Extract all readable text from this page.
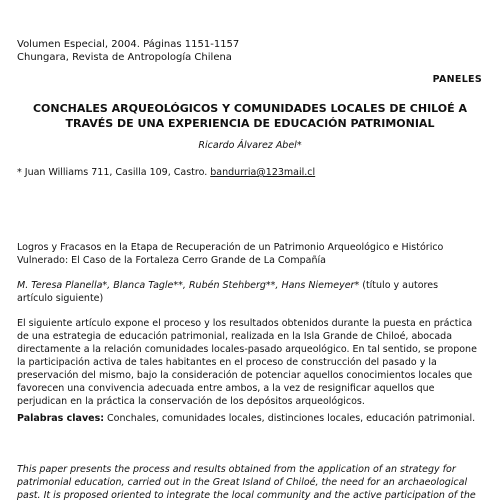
Volumen Especial, 2004. Páginas 1151-1157
Chungara, Revista de Antropología Chilena
PANELES
CONCHALES ARQUEOLÓGICOS Y COMUNIDADES LOCALES DE CHILOÉ A
TRAVÉS DE UNA EXPERIENCIA DE EDUCACIÓN PATRIMONIAL
Ricardo Álvarez Abel*
* Juan Williams 711, Casilla 109, Castro. bandurria@123mail.cl
Logros y Fracasos en la Etapa de Recuperación de un Patrimonio Arqueológico e Histórico
Vulnerado: El Caso de la Fortaleza Cerro Grande de La Compañía
M. Teresa Planella*, Blanca Tagle**, Rubén Stehberg**, Hans Niemeyer* (título y autores
artículo siguiente)
El siguiente artículo expone el proceso y los resultados obtenidos durante la puesta en práctica
de una estrategia de educación patrimonial, realizada en la Isla Grande de Chiloé, abocada
directamente a la relación comunidades locales-pasado arqueológico. En tal sentido, se propone
la participación activa de tales habitantes en el proceso de construcción del pasado y la
preservación del mismo, bajo la consideración de potenciar aquellos conocimientos locales que
favorecen una convivencia adecuada entre ambos, a la vez de resignificar aquellos que
perjudican en la práctica la conservación de los depósitos arqueológicos.
Palabras claves: Conchales, comunidades locales, distinciones locales, educación patrimonial.
This paper presents the process and results obtained from the application of an strategy for
patrimonial education, carried out in the Great Island of Chiloé, the need for an archaeological
past. It is proposed oriented to integrate the local community and the active participation of the
